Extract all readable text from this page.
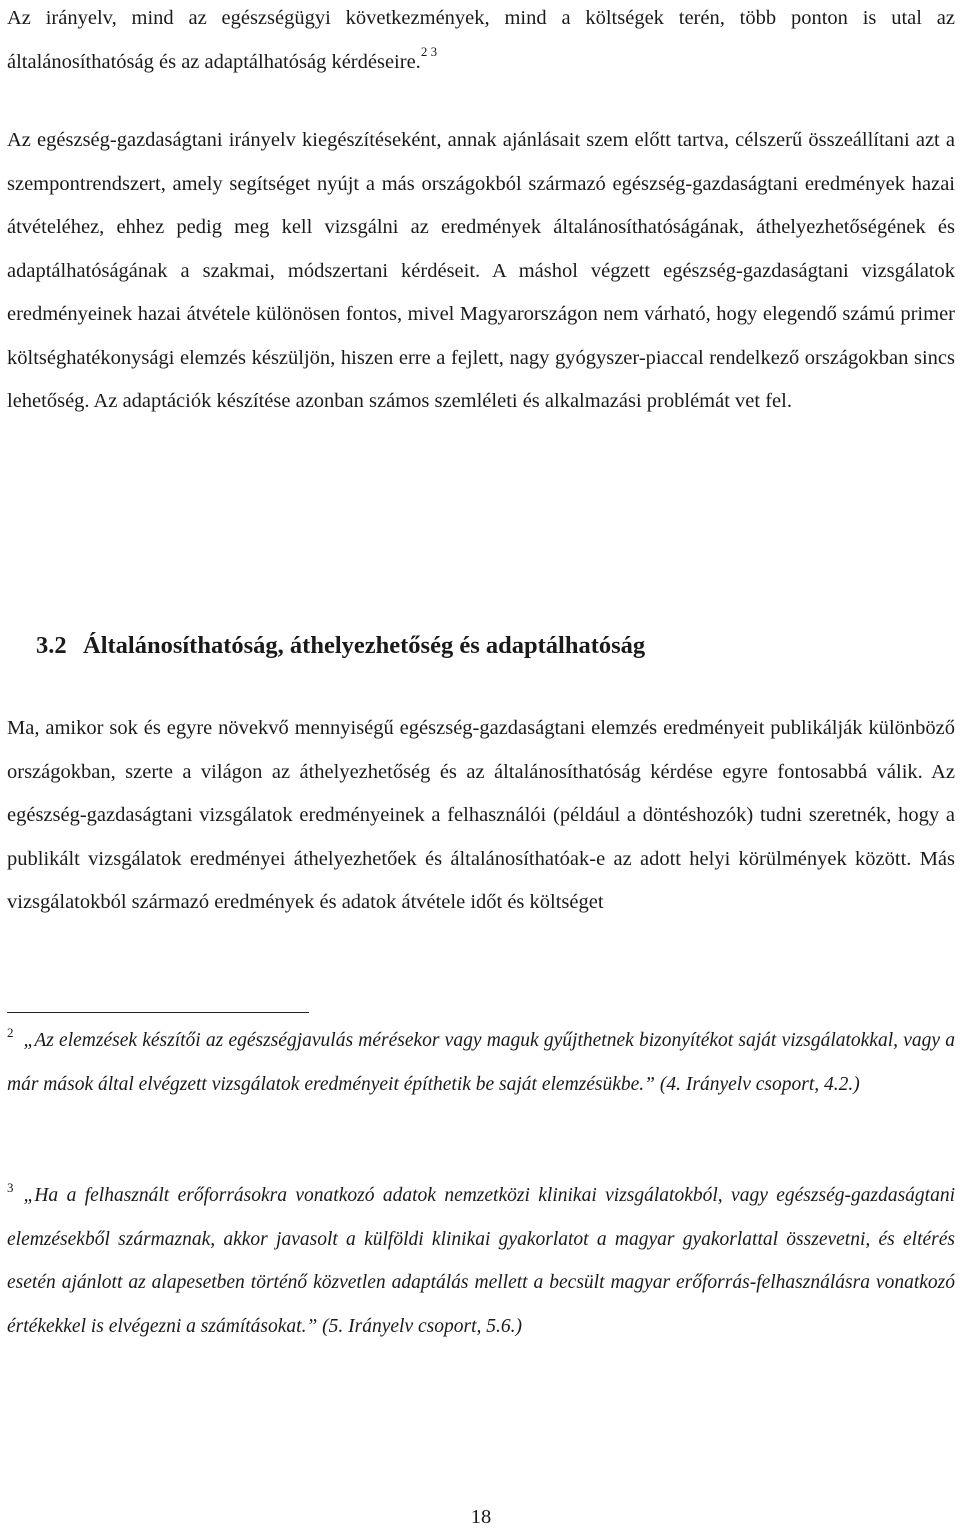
Az irányelv, mind az egészségügyi következmények, mind a költségek terén, több ponton is utal az általánosíthatóság és az adaptálhatóság kérdéseire.$^{2 3}$

Az egészség-gazdaságtani irányelv kiegészítéseként, annak ajánlásait szem előtt tartva, célszerű összeállítani azt a szempontrendszert, amely segítséget nyújt a más országokból származó egészség-gazdaságtani eredmények hazai átvételéhez, ehhez pedig meg kell vizsgálni az eredmények általánosíthatóságának, áthelyezhetőségének és adaptálhatóságának a szakmai, módszertani kérdéseit. A máshol végzett egészség-gazdaságtani vizsgálatok eredményeinek hazai átvétele különösen fontos, mivel Magyarországon nem várható, hogy elegendő számú primer költséghatékonysági elemzés készüljön, hiszen erre a fejlett, nagy gyógyszer-piaccal rendelkező országokban sincs lehetőség. Az adaptációk készítése azonban számos szemléleti és alkalmazási problémát vet fel.

3.2 Általánosíthatóság, áthelyezhetőség és adaptálhatóság

Ma, amikor sok és egyre növekvő mennyiségű egészség-gazdaságtani elemzés eredményeit publikálják különböző országokban, szerte a világon az áthelyezhetőség és az általánosíthatóság kérdése egyre fontosabbá válik. Az egészség-gazdaságtani vizsgálatok eredményeinek a felhasználói (például a döntéshozók) tudni szeretnék, hogy a publikált vizsgálatok eredményei áthelyezhetőek és általánosíthatóak-e az adott helyi körülmények között. Más vizsgálatokból származó eredmények és adatok átvétele időt és költséget

$^2$ „Az elemzések készítői az egészségjavulás mérésekor vagy maguk gyűjthetnek bizonyítékot saját vizsgálatokkal, vagy a már mások által elvégzett vizsgálatok eredményeit építhetik be saját elemzésükbe.” (4. Irányelv csoport, 4.2.)

$^3$ „Ha a felhasznált erőforrásokra vonatkozó adatok nemzetközi klinikai vizsgálatokból, vagy egészség-gazdaságtani elemzésekből származnak, akkor javasolt a külföldi klinikai gyakorlatot a magyar gyakorlattal összevetni, és eltérés esetén ajánlott az alapesetben történő közvetlen adaptálás mellett a becsült magyar erőforrás-felhasználásra vonatkozó értékekkel is elvégezni a számításokat.” (5. Irányelv csoport, 5.6.)

18
